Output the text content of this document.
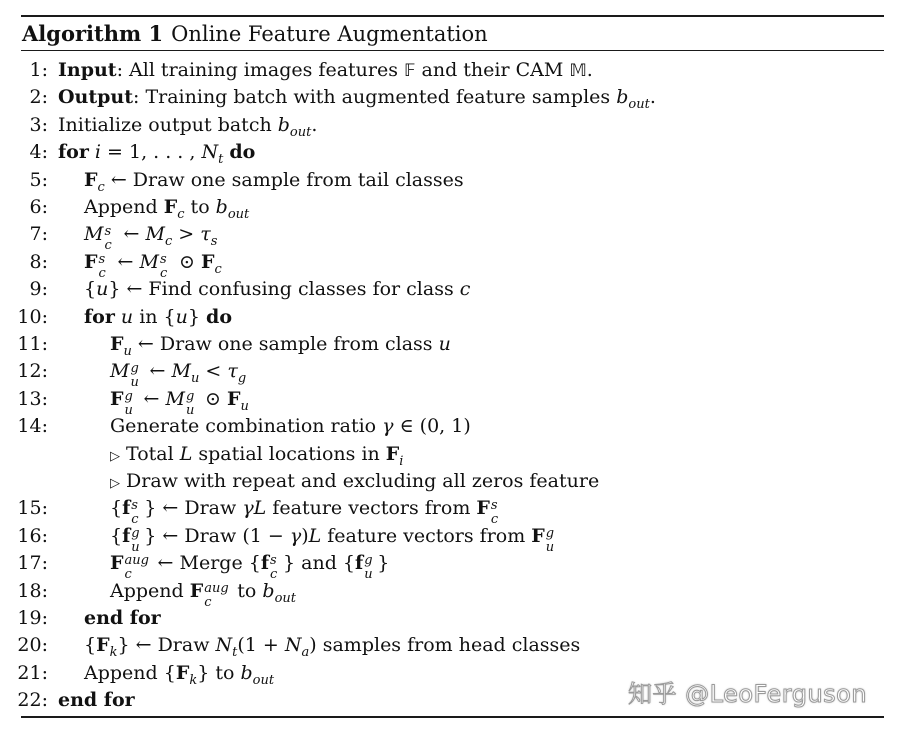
Algorithm 1 Online Feature Augmentation
1: Input: All training images features 𝔽 and their CAM 𝕄.
2: Output: Training batch with augmented feature samples $b_{out}$.
3: Initialize output batch $b_{out}$.
4: for i = 1, . . . , $N_t$ do
5: $F_c$ ← Draw one sample from tail classes
6: Append $F_c$ to $b_{out}$
7: M s
c
← $M_c > \tau_s$
8: F s
c
← M s
c
⊙ $F_c$
9: {u} ← Find confusing classes for class c
10: for u in {u} do
11:	$F_u$ ← Draw one sample from class u
12:	M g
u
← $M_u < \tau_g$
13:	F g
u
← M g
u
⊙ $F_u$
14:	Generate combination ratio γ ∈ (0, 1)
▷ Total L spatial locations in $F_i$
▷ Draw with repeat and excluding all zeros feature
15:	{f s
c
} ← Draw γL feature vectors from F s
c
16:	{f g
u
} ← Draw (1 − γ)L feature vectors from F g
u
17:	F aug
c
← Merge {f s
c
} and {f g
u
}
18:	Append F aug
c
to $b_{out}$
19: end for
20: $\{F_k\}$ ← Draw $N_t(1 + N_a)$ samples from head classes
21: Append $\{F_k\}$ to $b_{out}$
22: end for	知乎 @LeoFerguson
